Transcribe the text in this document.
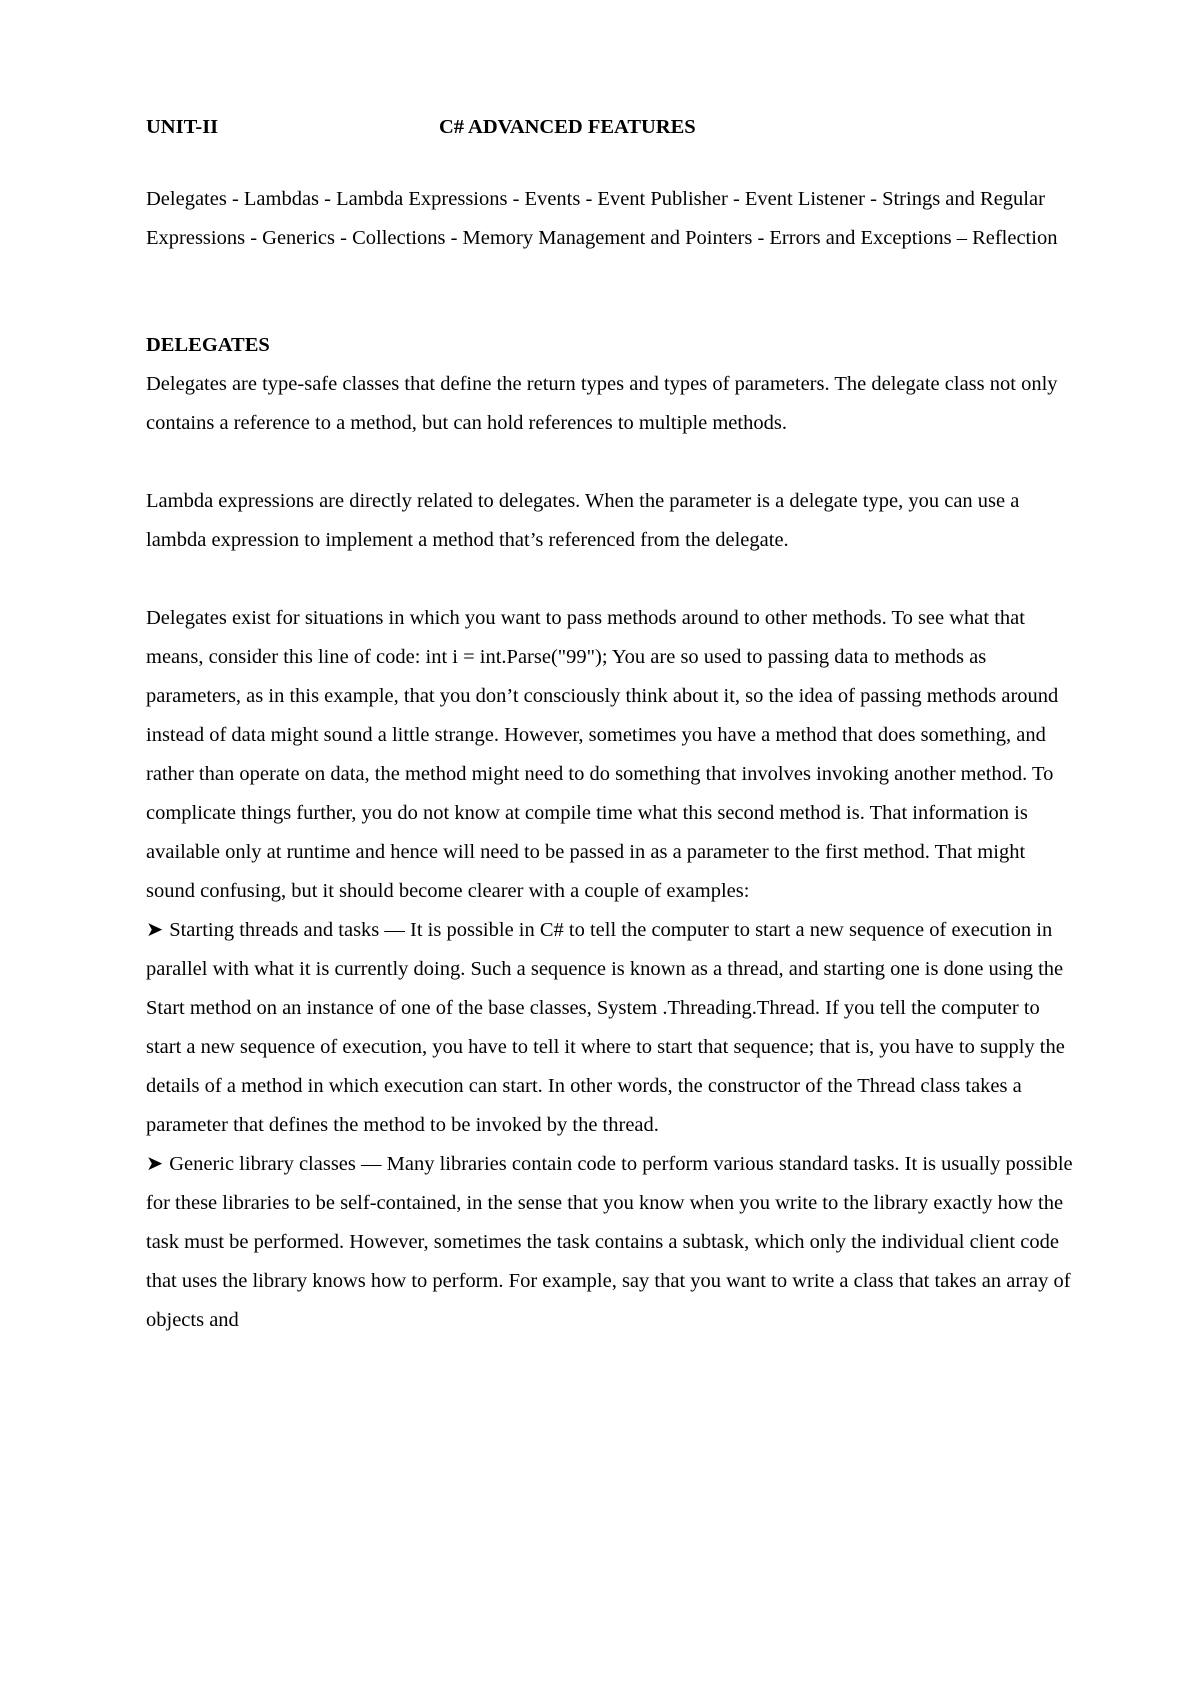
UNIT-II	C# ADVANCED FEATURES

Delegates - Lambdas - Lambda Expressions - Events - Event Publisher - Event Listener - Strings and Regular Expressions - Generics - Collections - Memory Management and Pointers - Errors and Exceptions – Reflection

DELEGATES

Delegates are type-safe classes that define the return types and types of parameters. The delegate class not only contains a reference to a method, but can hold references to multiple methods.

Lambda expressions are directly related to delegates. When the parameter is a delegate type, you can use a lambda expression to implement a method that’s referenced from the delegate.

Delegates exist for situations in which you want to pass methods around to other methods. To see what that means, consider this line of code: int i = int.Parse("99"); You are so used to passing data to methods as parameters, as in this example, that you don’t consciously think about it, so the idea of passing methods around instead of data might sound a little strange. However, sometimes you have a method that does something, and rather than operate on data, the method might need to do something that involves invoking another method. To complicate things further, you do not know at compile time what this second method is. That information is available only at runtime and hence will need to be passed in as a parameter to the first method. That might sound confusing, but it should become clearer with a couple of examples:

➤ Starting threads and tasks — It is possible in C# to tell the computer to start a new sequence of execution in parallel with what it is currently doing. Such a sequence is known as a thread, and starting one is done using the Start method on an instance of one of the base classes, System .Threading.Thread. If you tell the computer to start a new sequence of execution, you have to tell it where to start that sequence; that is, you have to supply the details of a method in which execution can start. In other words, the constructor of the Thread class takes a parameter that defines the method to be invoked by the thread.

➤ Generic library classes — Many libraries contain code to perform various standard tasks. It is usually possible for these libraries to be self-contained, in the sense that you know when you write to the library exactly how the task must be performed. However, sometimes the task contains a subtask, which only the individual client code that uses the library knows how to perform. For example, say that you want to write a class that takes an array of objects and
